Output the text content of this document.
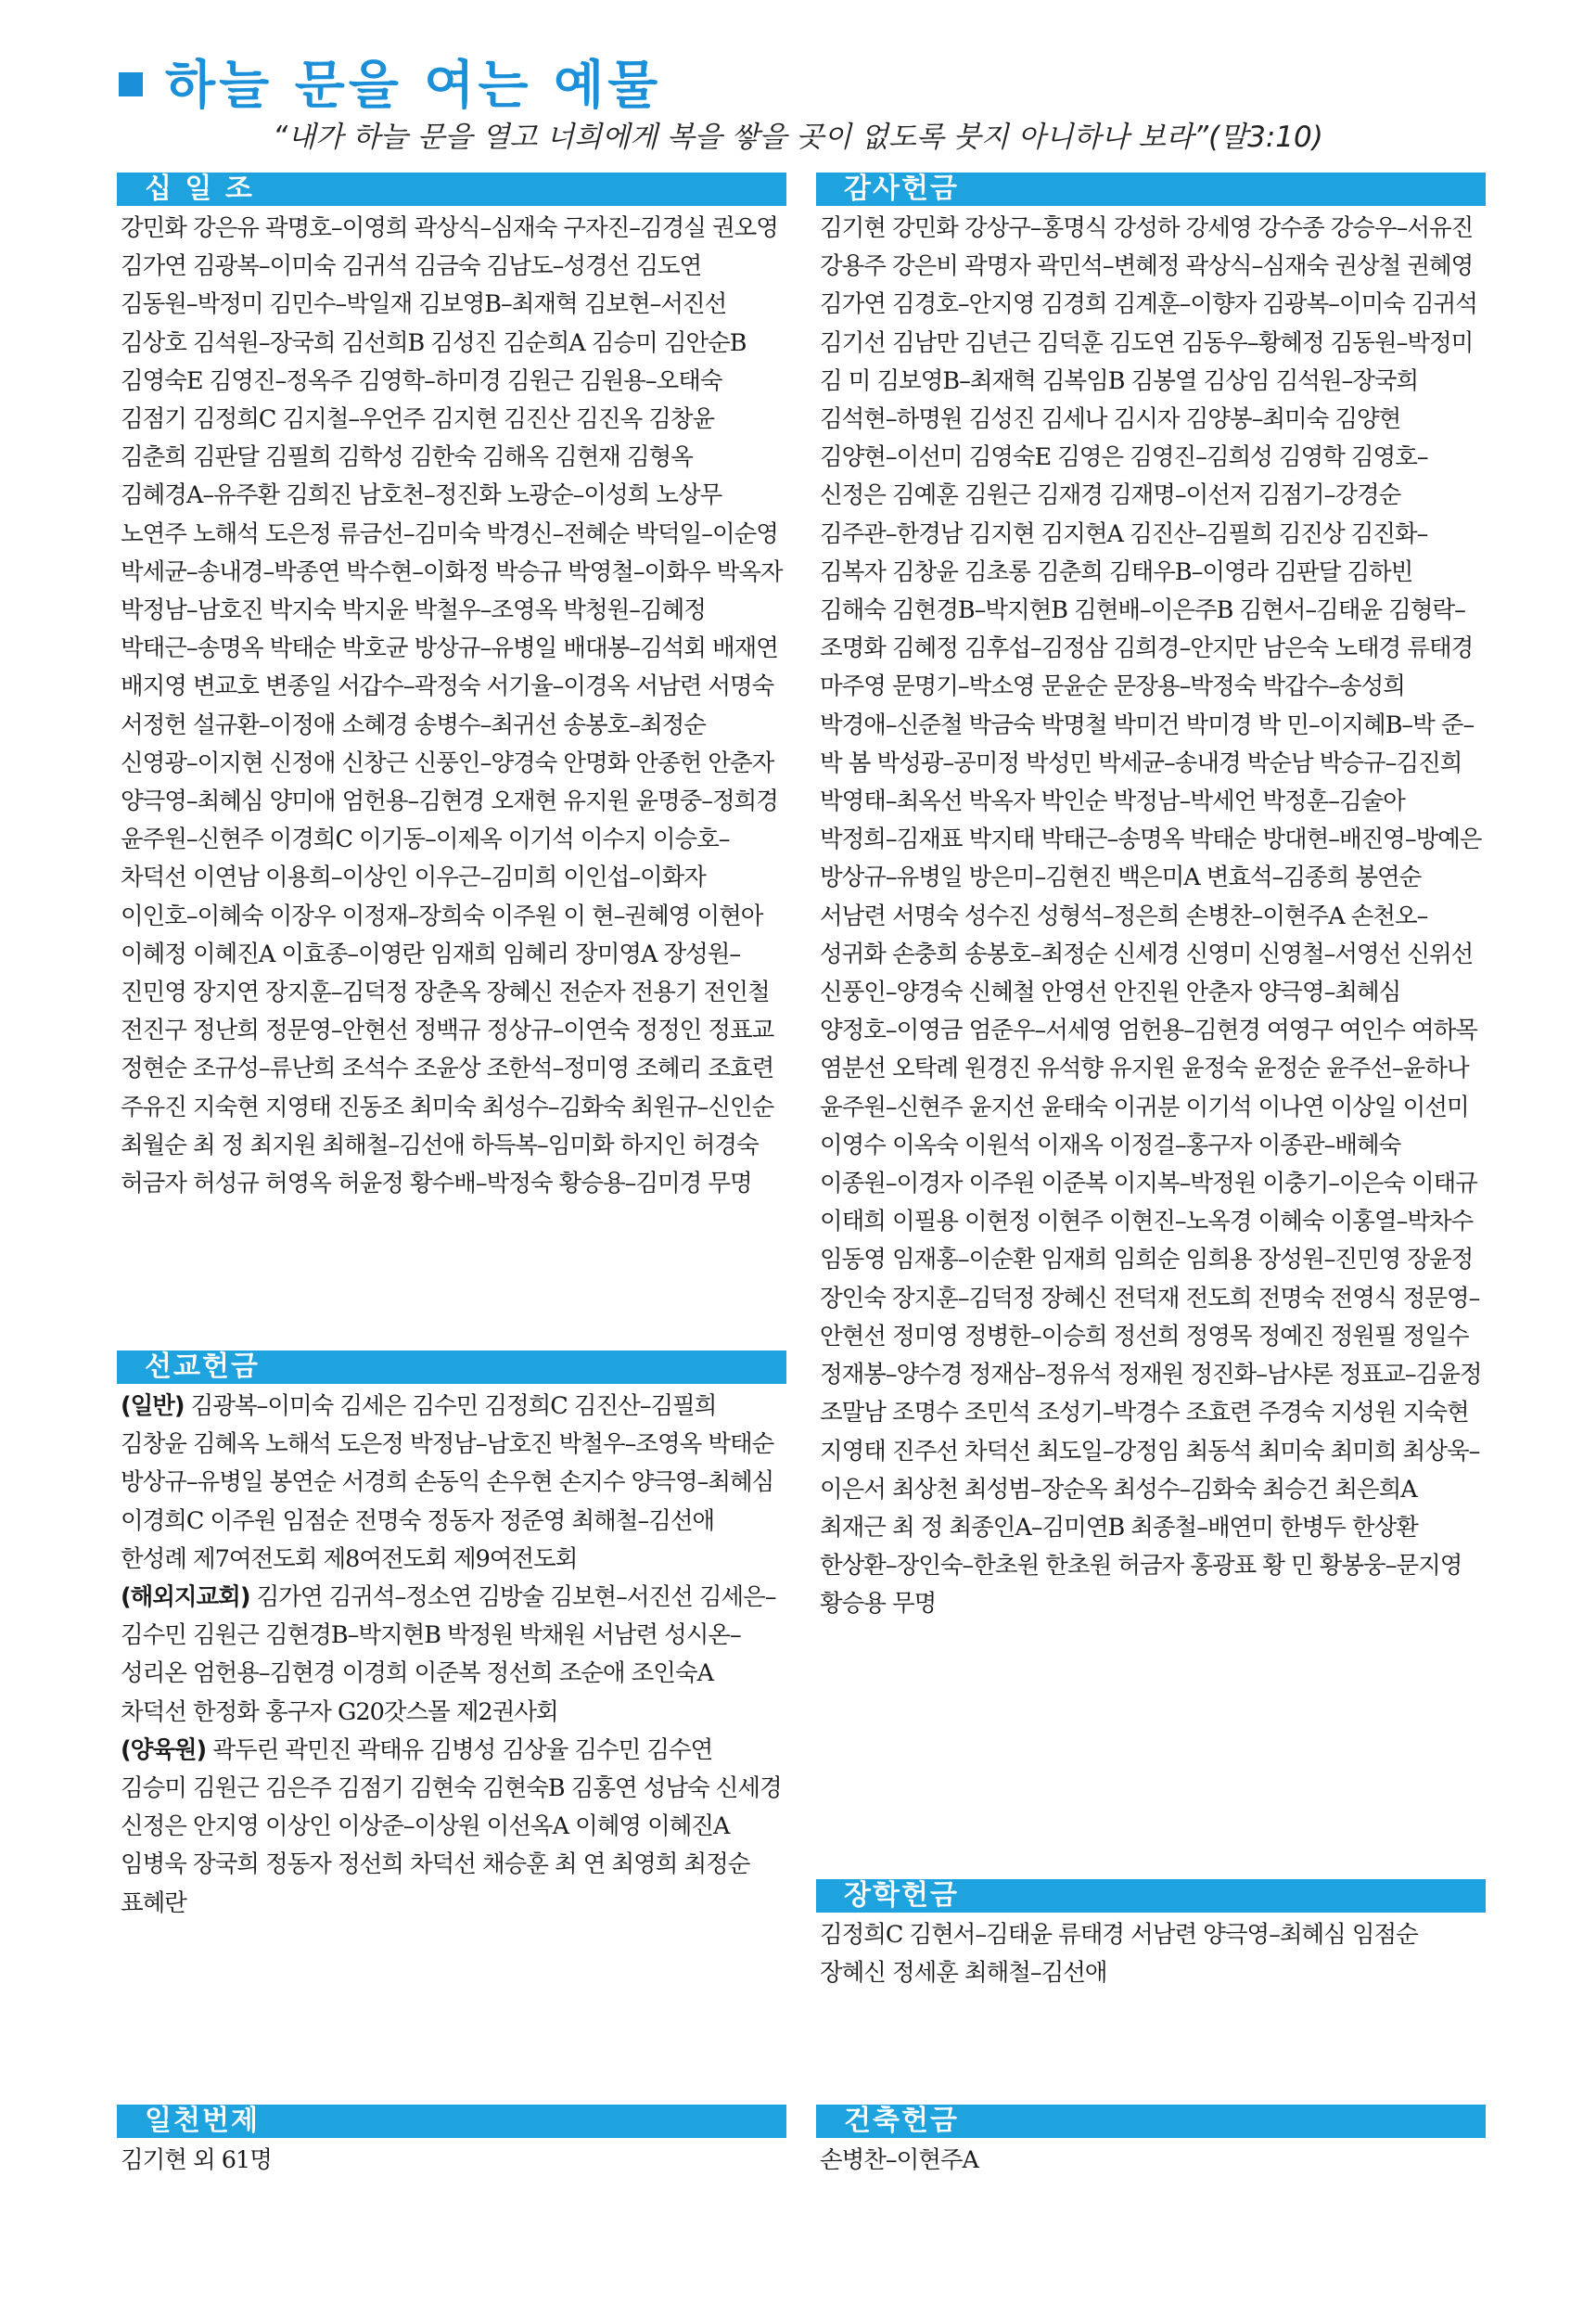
하늘 문을 여는 예물
“내가 하늘 문을 열고 너희에게 복을 쌓을 곳이 없도록 붓지 아니하나 보라”(말3:10)
십 일 조
강민화 강은유 곽명호–이영희 곽상식–심재숙 구자진–김경실 권오영 김가연 김광복–이미숙 김귀석 김금숙 김남도–성경선 김도연 김동원–박정미 김민수–박일재 김보영B–최재혁 김보현–서진선 김상호 김석원–장국희 김선희B 김성진 김순희A 김승미 김안순B 김영숙E 김영진–정옥주 김영학–하미경 김원근 김원용–오태숙 김점기 김정희C 김지철–우언주 김지현 김진산 김진옥 김창윤 김춘희 김판달 김필희 김학성 김한숙 김해옥 김현재 김형옥 김혜경A–유주환 김희진 남호천–정진화 노광순–이성희 노상무 노연주 노해석 도은정 류금선–김미숙 박경신–전혜순 박덕일–이순영 박세균–송내경–박종연 박수현–이화정 박승규 박영철–이화우 박옥자 박정남–남호진 박지숙 박지윤 박철우–조영옥 박청원–김혜정 박태근–송명옥 박태순 박호균 방상규–유병일 배대봉–김석회 배재연 배지영 변교호 변종일 서갑수–곽정숙 서기율–이경옥 서남련 서명숙 서정헌 설규환–이정애 소혜경 송병수–최귀선 송봉호–최정순 신영광–이지현 신정애 신창근 신풍인–양경숙 안명화 안종헌 안춘자 양극영–최혜심 양미애 엄헌용–김현경 오재현 유지원 윤명중–정희경 윤주원–신현주 이경희C 이기동–이제옥 이기석 이수지 이승호–차덕선 이연남 이용희–이상인 이우근–김미희 이인섭–이화자 이인호–이혜숙 이장우 이정재–장희숙 이주원 이 현–권혜영 이현아 이혜정 이혜진A 이효종–이영란 임재희 임혜리 장미영A 장성원–진민영 장지연 장지훈–김덕정 장춘옥 장혜신 전순자 전용기 전인철 전진구 정난희 정문영–안현선 정백규 정상규–이연숙 정정인 정표교 정현순 조규성–류난희 조석수 조윤상 조한석–정미영 조혜리 조효련 주유진 지숙현 지영태 진동조 최미숙 최성수–김화숙 최원규–신인순 최월순 최 정 최지원 최해철–김선애 하득복–임미화 하지인 허경숙 허금자 허성규 허영옥 허윤정 황수배–박정숙 황승용–김미경 무명
선교헌금
(일반) 김광복–이미숙 김세은 김수민 김정희C 김진산–김필희 김창윤 김혜옥 노해석 도은정 박정남–남호진 박철우–조영옥 박태순 방상규–유병일 봉연순 서경희 손동익 손우현 손지수 양극영–최혜심 이경희C 이주원 임점순 전명숙 정동자 정준영 최해철–김선애 한성례 제7여전도회 제8여전도회 제9여전도회
(해외지교회) 김가연 김귀석–정소연 김방술 김보현–서진선 김세은–김수민 김원근 김현경B–박지현B 박정원 박채원 서남련 성시온–성리온 엄헌용–김현경 이경희 이준복 정선희 조순애 조인숙A 차덕선 한정화 홍구자 G20갓스몰 제2권사회
(양육원) 곽두린 곽민진 곽태유 김병성 김상율 김수민 김수연 김승미 김원근 김은주 김점기 김현숙 김현숙B 김홍연 성남숙 신세경 신정은 안지영 이상인 이상준–이상원 이선옥A 이혜영 이혜진A 임병욱 장국희 정동자 정선희 차덕선 채승훈 최 연 최영희 최정순 표혜란
일천번제
김기현 외 61명
감사헌금
김기현 강민화 강상구–홍명식 강성하 강세영 강수종 강승우–서유진 강용주 강은비 곽명자 곽민석–변혜정 곽상식–심재숙 권상철 권혜영 김가연 김경호–안지영 김경희 김계훈–이향자 김광복–이미숙 김귀석 김기선 김남만 김년근 김덕훈 김도연 김동우–황혜정 김동원–박정미 김 미 김보영B–최재혁 김복임B 김봉열 김상임 김석원–장국희 김석현–하명원 김성진 김세나 김시자 김양봉–최미숙 김양현 김양현–이선미 김영숙E 김영은 김영진–김희성 김영학 김영호–신정은 김예훈 김원근 김재경 김재명–이선저 김점기–강경순 김주관–한경남 김지현 김지현A 김진산–김필희 김진상 김진화–김복자 김창윤 김초롱 김춘희 김태우B–이영라 김판달 김하빈 김해숙 김현경B–박지현B 김현배–이은주B 김현서–김태윤 김형락–조명화 김혜정 김후섭–김정삼 김희경–안지만 남은숙 노태경 류태경 마주영 문명기–박소영 문윤순 문장용–박정숙 박갑수–송성희 박경애–신준철 박금숙 박명철 박미건 박미경 박 민–이지혜B–박 준–박 봄 박성광–공미정 박성민 박세균–송내경 박순남 박승규–김진희 박영태–최옥선 박옥자 박인순 박정남–박세언 박정훈–김술아 박정희–김재표 박지태 박태근–송명옥 박태순 방대현–배진영–방예은 방상규–유병일 방은미–김현진 백은미A 변효석–김종희 봉연순 서남련 서명숙 성수진 성형석–정은희 손병찬–이현주A 손천오–성귀화 손충희 송봉호–최정순 신세경 신영미 신영철–서영선 신위선 신풍인–양경숙 신혜철 안영선 안진원 안춘자 양극영–최혜심 양정호–이영금 엄준우–서세영 엄헌용–김현경 여영구 여인수 여하목 염분선 오탁례 원경진 유석향 유지원 윤정숙 윤정순 윤주선–윤하나 윤주원–신현주 윤지선 윤태숙 이귀분 이기석 이나연 이상일 이선미 이영수 이옥숙 이원석 이재옥 이정걸–홍구자 이종관–배혜숙 이종원–이경자 이주원 이준복 이지복–박정원 이충기–이은숙 이태규 이태희 이필용 이현정 이현주 이현진–노옥경 이혜숙 이홍열–박차수 임동영 임재홍–이순환 임재희 임희순 임희용 장성원–진민영 장윤정 장인숙 장지훈–김덕정 장혜신 전덕재 전도희 전명숙 전영식 정문영–안현선 정미영 정병한–이승희 정선희 정영목 정예진 정원필 정일수 정재봉–양수경 정재삼–정유석 정재원 정진화–남샤론 정표교–김윤정 조말남 조명수 조민석 조성기–박경수 조효련 주경숙 지성원 지숙현 지영태 진주선 차덕선 최도일–강정임 최동석 최미숙 최미희 최상욱–이은서 최상천 최성범–장순옥 최성수–김화숙 최승건 최은희A 최재근 최 정 최종인A–김미연B 최종철–배연미 한병두 한상환 한상환–장인숙–한초원 한초원 허금자 홍광표 황 민 황봉웅–문지영 황승용 무명
장학헌금
김정희C 김현서–김태윤 류태경 서남련 양극영–최혜심 임점순 장혜신 정세훈 최해철–김선애
건축헌금
손병찬–이현주A
